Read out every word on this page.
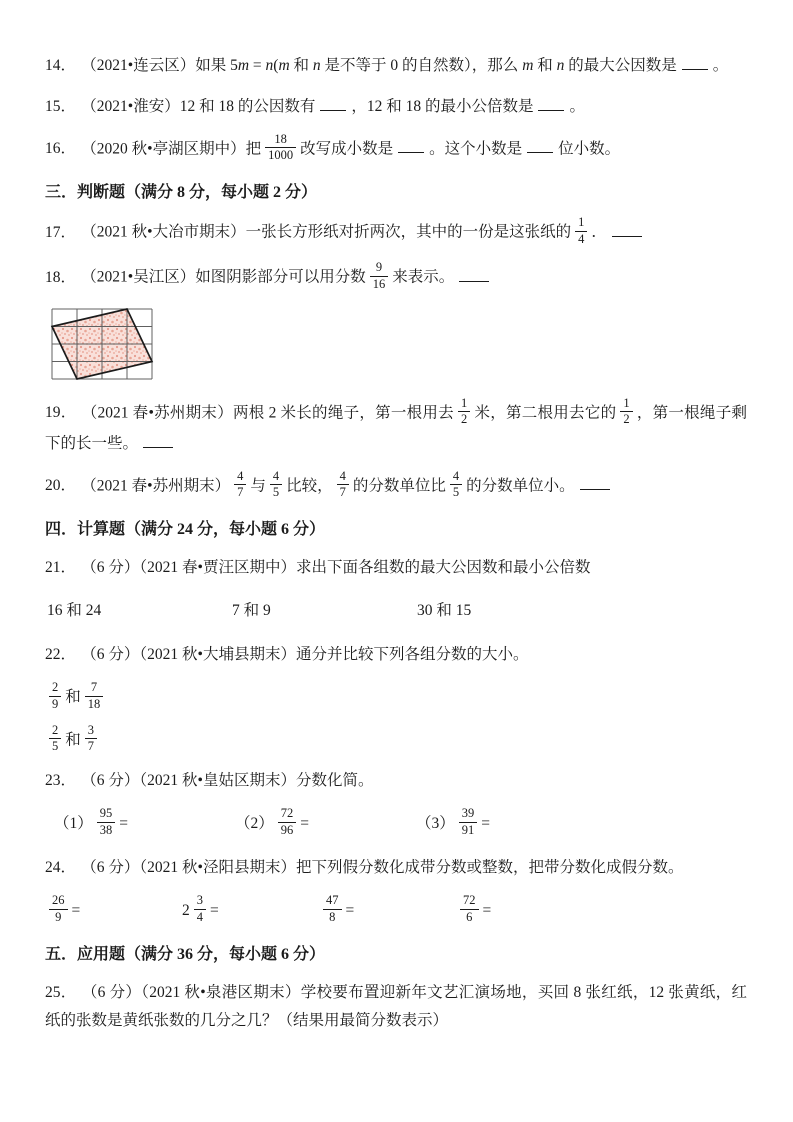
14． （2021•连云区）如果 5m = n(m 和 n 是不等于 0 的自然数），那么 m 和 n 的最大公因数是 。
15． （2021•淮安）12 和 18 的公因数有 ，12 和 18 的最小公倍数是 。
16． （2020 秋•亭湖区期中）把 $\frac{18}{1000}$ 改写成小数是 。这个小数是 位小数。
三．判断题（满分 8 分，每小题 2 分）
17． （2021 秋•大冶市期末）一张长方形纸对折两次，其中的一份是这张纸的 $\frac{1}{4}$ ．
18． （2021•吴江区）如图阴影部分可以用分数 $\frac{9}{16}$ 来表示。
19． （2021 春•苏州期末）两根 2 米长的绳子，第一根用去 $\frac{1}{2}$ 米，第二根用去它的 $\frac{1}{2}$ ，第一根绳子剩下的长一些。
20． （2021 春•苏州期末） $\frac{4}{7}$ 与 $\frac{4}{5}$ 比较， $\frac{4}{7}$ 的分数单位比 $\frac{4}{5}$ 的分数单位小。
四．计算题（满分 24 分，每小题 6 分）
21． （6 分）（2021 春•贾汪区期中）求出下面各组数的最大公因数和最小公倍数
16 和 24	7 和 9	30 和 15
22． （6 分）（2021 秋•大埔县期末）通分并比较下列各组分数的大小。
$\frac{2}{9}$ 和 $\frac{7}{18}$
$\frac{2}{5}$ 和 $\frac{3}{7}$
23． （6 分）（2021 秋•皇姑区期末）分数化简。
$(1) \frac{95}{38}$ =	$(2) \frac{72}{96}$ =	$(3) \frac{39}{91}$ =
24． （6 分）（2021 秋•泾阳县期末）把下列假分数化成带分数或整数，把带分数化成假分数。
$\frac{26}{9}$ =	$2 \frac{3}{4}$ =	$\frac{47}{8}$ =	$\frac{72}{6}$ =
五．应用题（满分 36 分，每小题 6 分）
25． （6 分）（2021 秋•泉港区期末）学校要布置迎新年文艺汇演场地，买回 8 张红纸，12 张黄纸，红纸的张数是黄纸张数的几分之几？（结果用最简分数表示）
